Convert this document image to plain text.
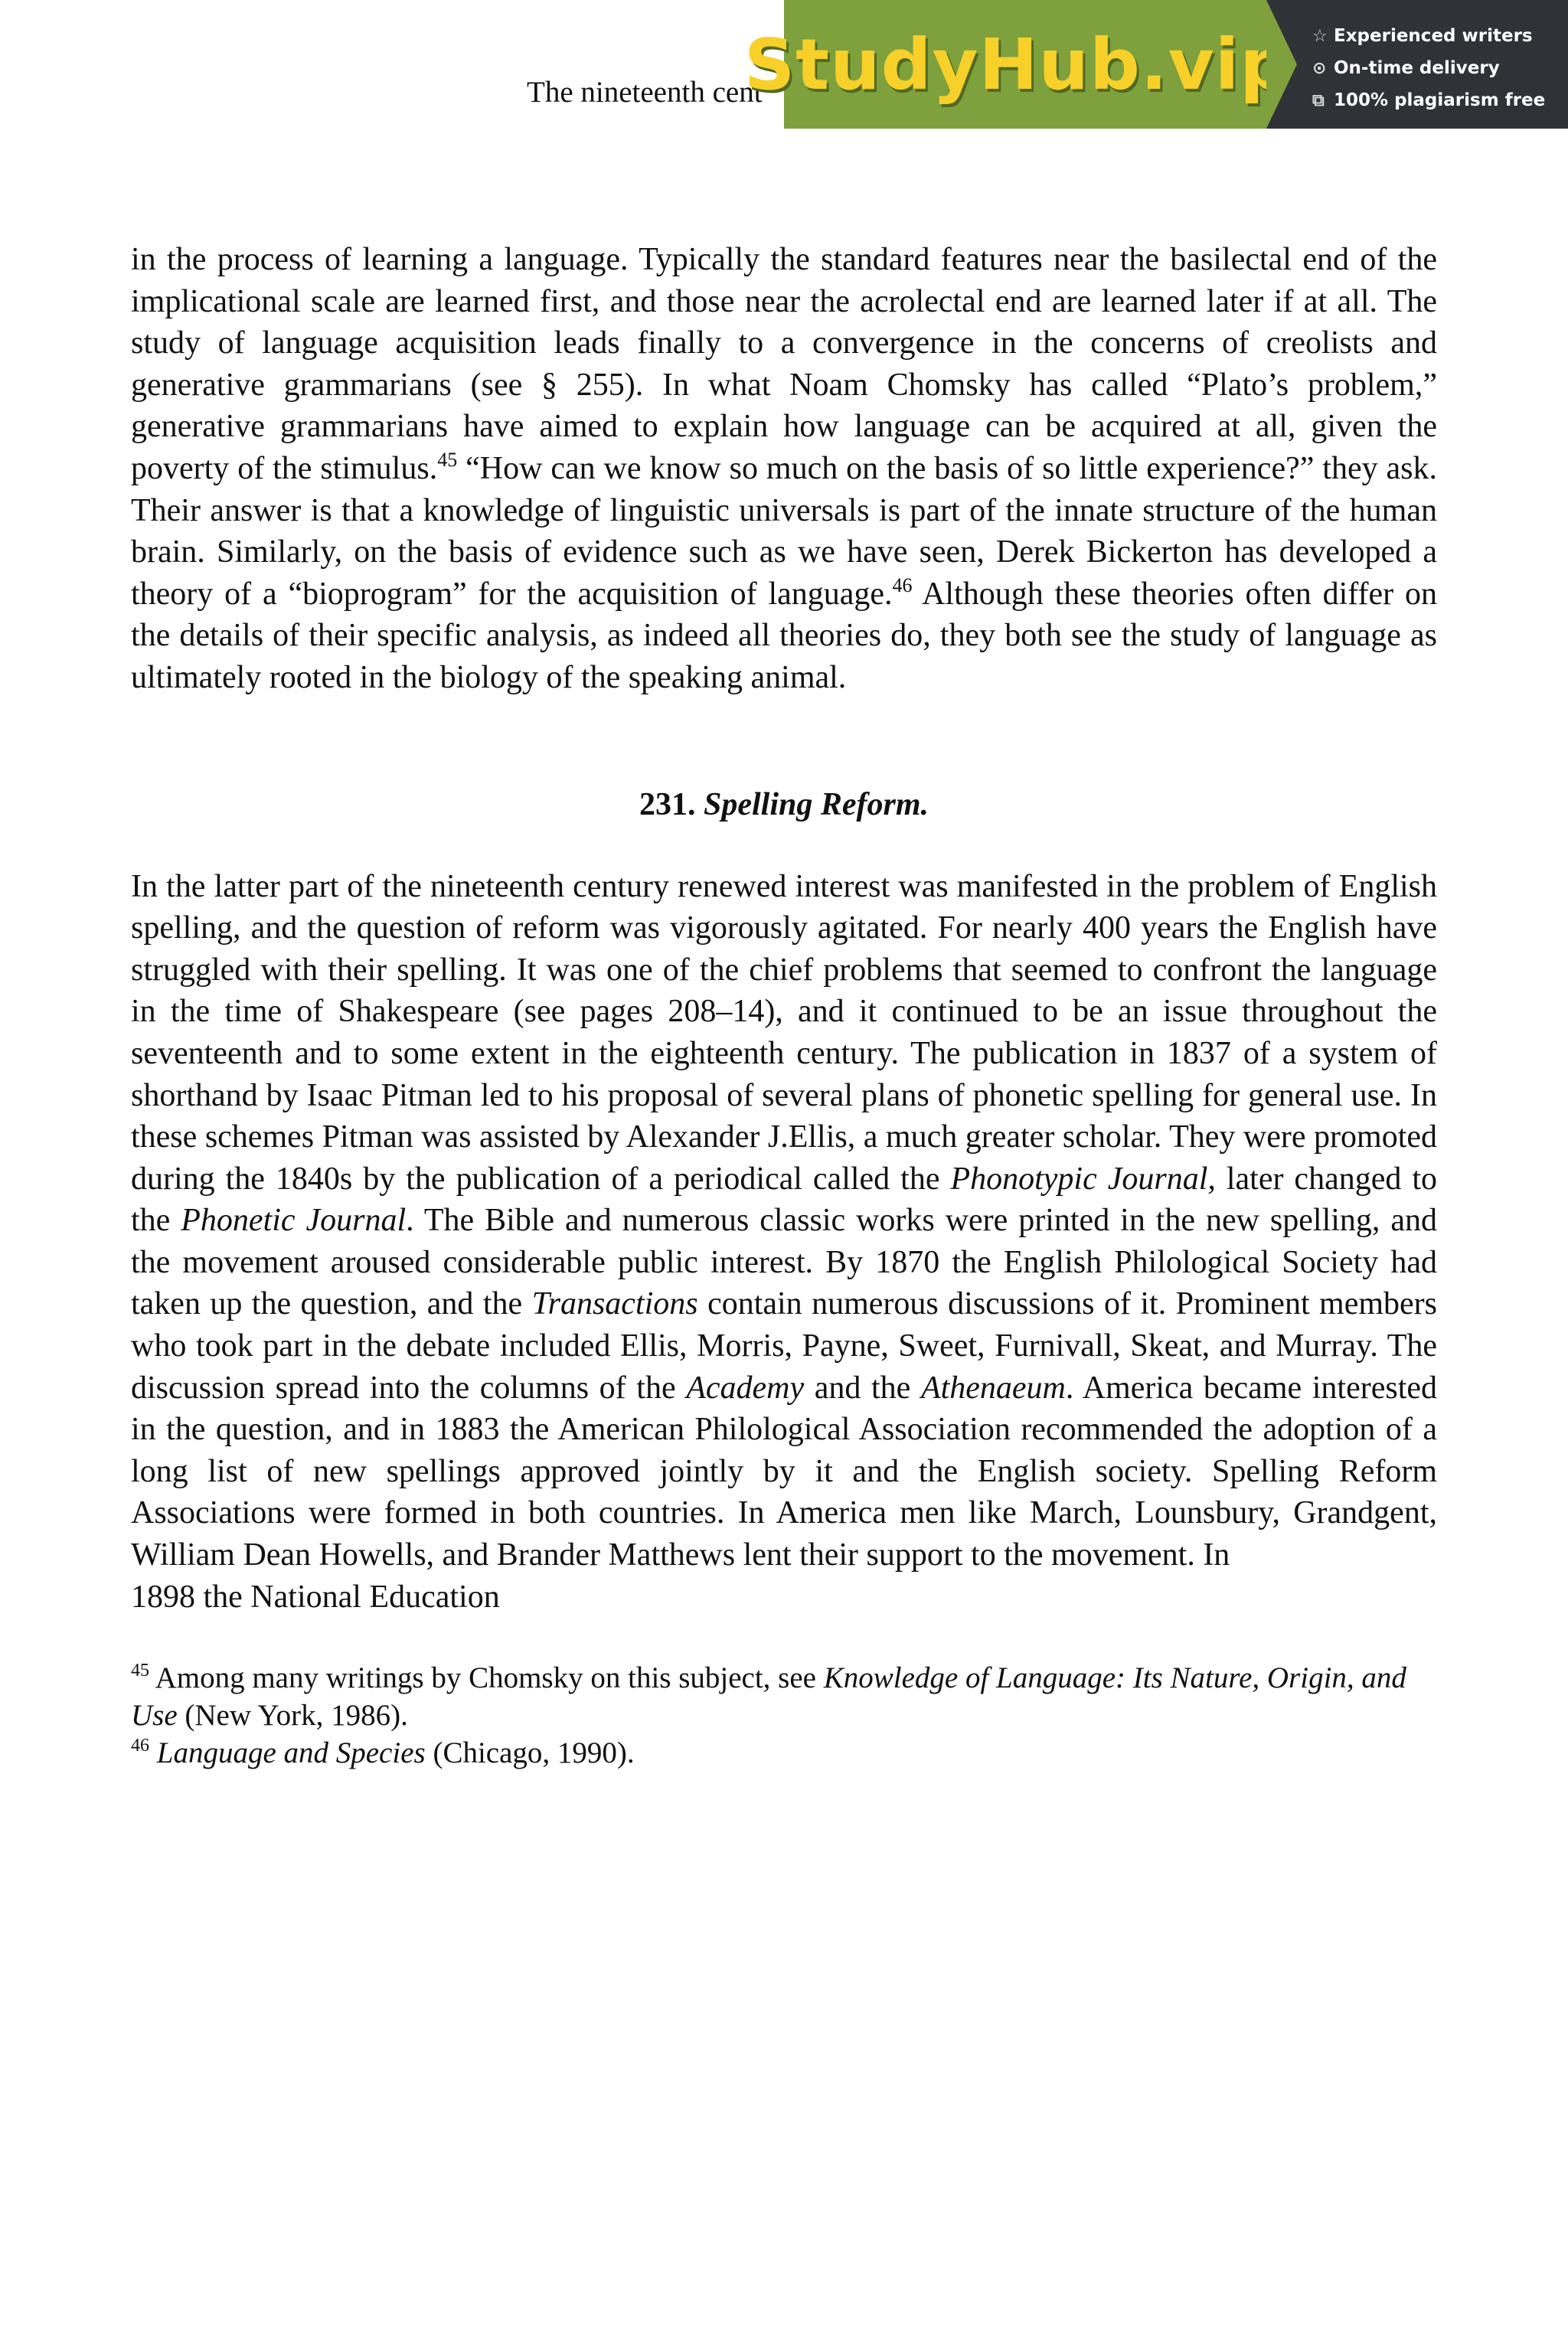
The nineteenth cent
StudyHub.vip ☆ Experienced writers
⊙ On-time delivery
⧉ 100% plagiarism free

in the process of learning a language. Typically the standard features near the basilectal end of the implicational scale are learned first, and those near the acrolectal end are learned later if at all. The study of language acquisition leads finally to a convergence in the concerns of creolists and generative grammarians (see § 255). In what Noam Chomsky has called “Plato’s problem,” generative grammarians have aimed to explain how language can be acquired at all, given the poverty of the stimulus.$^{45}$ “How can we know so much on the basis of so little experience?” they ask. Their answer is that a knowledge of linguistic universals is part of the innate structure of the human brain. Similarly, on the basis of evidence such as we have seen, Derek Bickerton has developed a theory of a “bioprogram” for the acquisition of language.$^{46}$ Although these theories often differ on the details of their specific analysis, as indeed all theories do, they both see the study of language as ultimately rooted in the biology of the speaking animal.

231. Spelling Reform.

In the latter part of the nineteenth century renewed interest was manifested in the problem of English spelling, and the question of reform was vigorously agitated. For nearly 400 years the English have struggled with their spelling. It was one of the chief problems that seemed to confront the language in the time of Shakespeare (see pages 208–14), and it continued to be an issue throughout the seventeenth and to some extent in the eighteenth century. The publication in 1837 of a system of shorthand by Isaac Pitman led to his proposal of several plans of phonetic spelling for general use. In these schemes Pitman was assisted by Alexander J.Ellis, a much greater scholar. They were promoted during the 1840s by the publication of a periodical called the Phonotypic Journal, later changed to the Phonetic Journal. The Bible and numerous classic works were printed in the new spelling, and the movement aroused considerable public interest. By 1870 the English Philological Society had taken up the question, and the Transactions contain numerous discussions of it. Prominent members who took part in the debate included Ellis, Morris, Payne, Sweet, Furnivall, Skeat, and Murray. The discussion spread into the columns of the Academy and the Athenaeum. America became interested in the question, and in 1883 the American Philological Association recommended the adoption of a long list of new spellings approved jointly by it and the English society. Spelling Reform Associations were formed in both countries. In America men like March, Lounsbury, Grandgent, William Dean Howells, and Brander Matthews lent their support to the movement. In
1898 the National Education

$^{45}$ Among many writings by Chomsky on this subject, see Knowledge of Language: Its Nature, Origin, and Use (New York, 1986).

$^{46}$ Language and Species (Chicago, 1990).
